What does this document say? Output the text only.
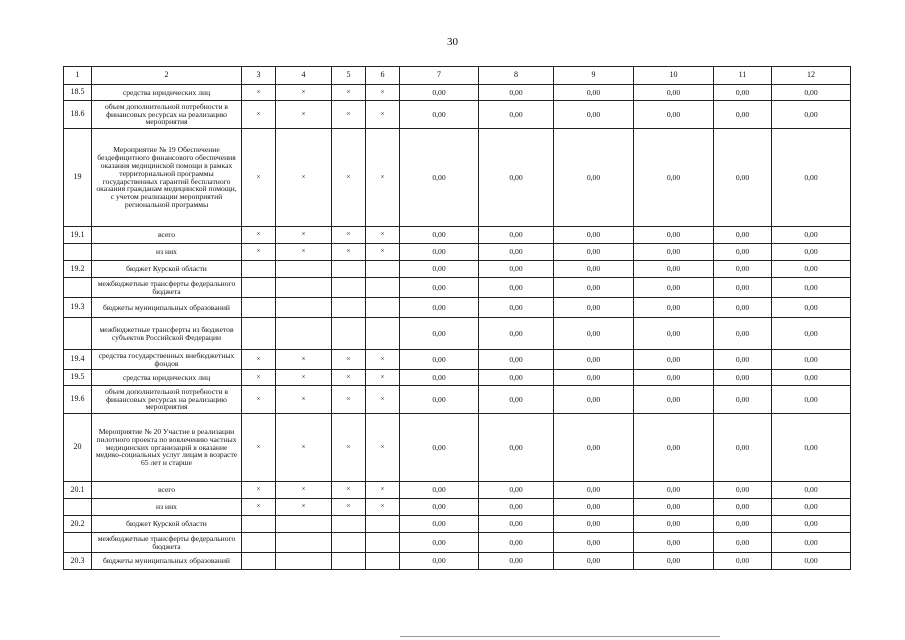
30
1	2	3	4	5	6	7	8	9	10	11	12
18.5	средства юридических лиц	×	×	×	×	0,00	0,00	0,00	0,00	0,00	0,00
18.6	объем дополнительной потребности в финансовых ресурсах на реализацию мероприятия	×	×	×	×	0,00	0,00	0,00	0,00	0,00	0,00
19	Мероприятие № 19 Обеспечение бездефицитного финансового обеспечения оказания медицинской помощи в рамках территориальной программы государственных гарантий бесплатного оказания гражданам медицинской помощи, с учетом реализации мероприятий региональной программы	×	×	×	×	0,00	0,00	0,00	0,00	0,00	0,00
19.1	всего	×	×	×	×	0,00	0,00	0,00	0,00	0,00	0,00
	из них	×	×	×	×	0,00	0,00	0,00	0,00	0,00	0,00
19.2	бюджет Курской области					0,00	0,00	0,00	0,00	0,00	0,00
	межбюджетные трансферты федерального бюджета					0,00	0,00	0,00	0,00	0,00	0,00
19.3	бюджеты муниципальных образований					0,00	0,00	0,00	0,00	0,00	0,00
	межбюджетные трансферты из бюджетов субъектов Российской Федерации					0,00	0,00	0,00	0,00	0,00	0,00
19.4	средства государственных внебюджетных фондов	×	×	×	×	0,00	0,00	0,00	0,00	0,00	0,00
19.5	средства юридических лиц	×	×	×	×	0,00	0,00	0,00	0,00	0,00	0,00
19.6	объем дополнительной потребности в финансовых ресурсах на реализацию мероприятия	×	×	×	×	0,00	0,00	0,00	0,00	0,00	0,00
20	Мероприятие № 20 Участие в реализации пилотного проекта по вовлечению частных медицинских организаций в оказание медико-социальных услуг лицам в возрасте 65 лет и старше	×	×	×	×	0,00	0,00	0,00	0,00	0,00	0,00
20.1	всего	×	×	×	×	0,00	0,00	0,00	0,00	0,00	0,00
	из них	×	×	×	×	0,00	0,00	0,00	0,00	0,00	0,00
20.2	бюджет Курской области					0,00	0,00	0,00	0,00	0,00	0,00
	межбюджетные трансферты федерального бюджета					0,00	0,00	0,00	0,00	0,00	0,00
20.3	бюджеты муниципальных образований					0,00	0,00	0,00	0,00	0,00	0,00
